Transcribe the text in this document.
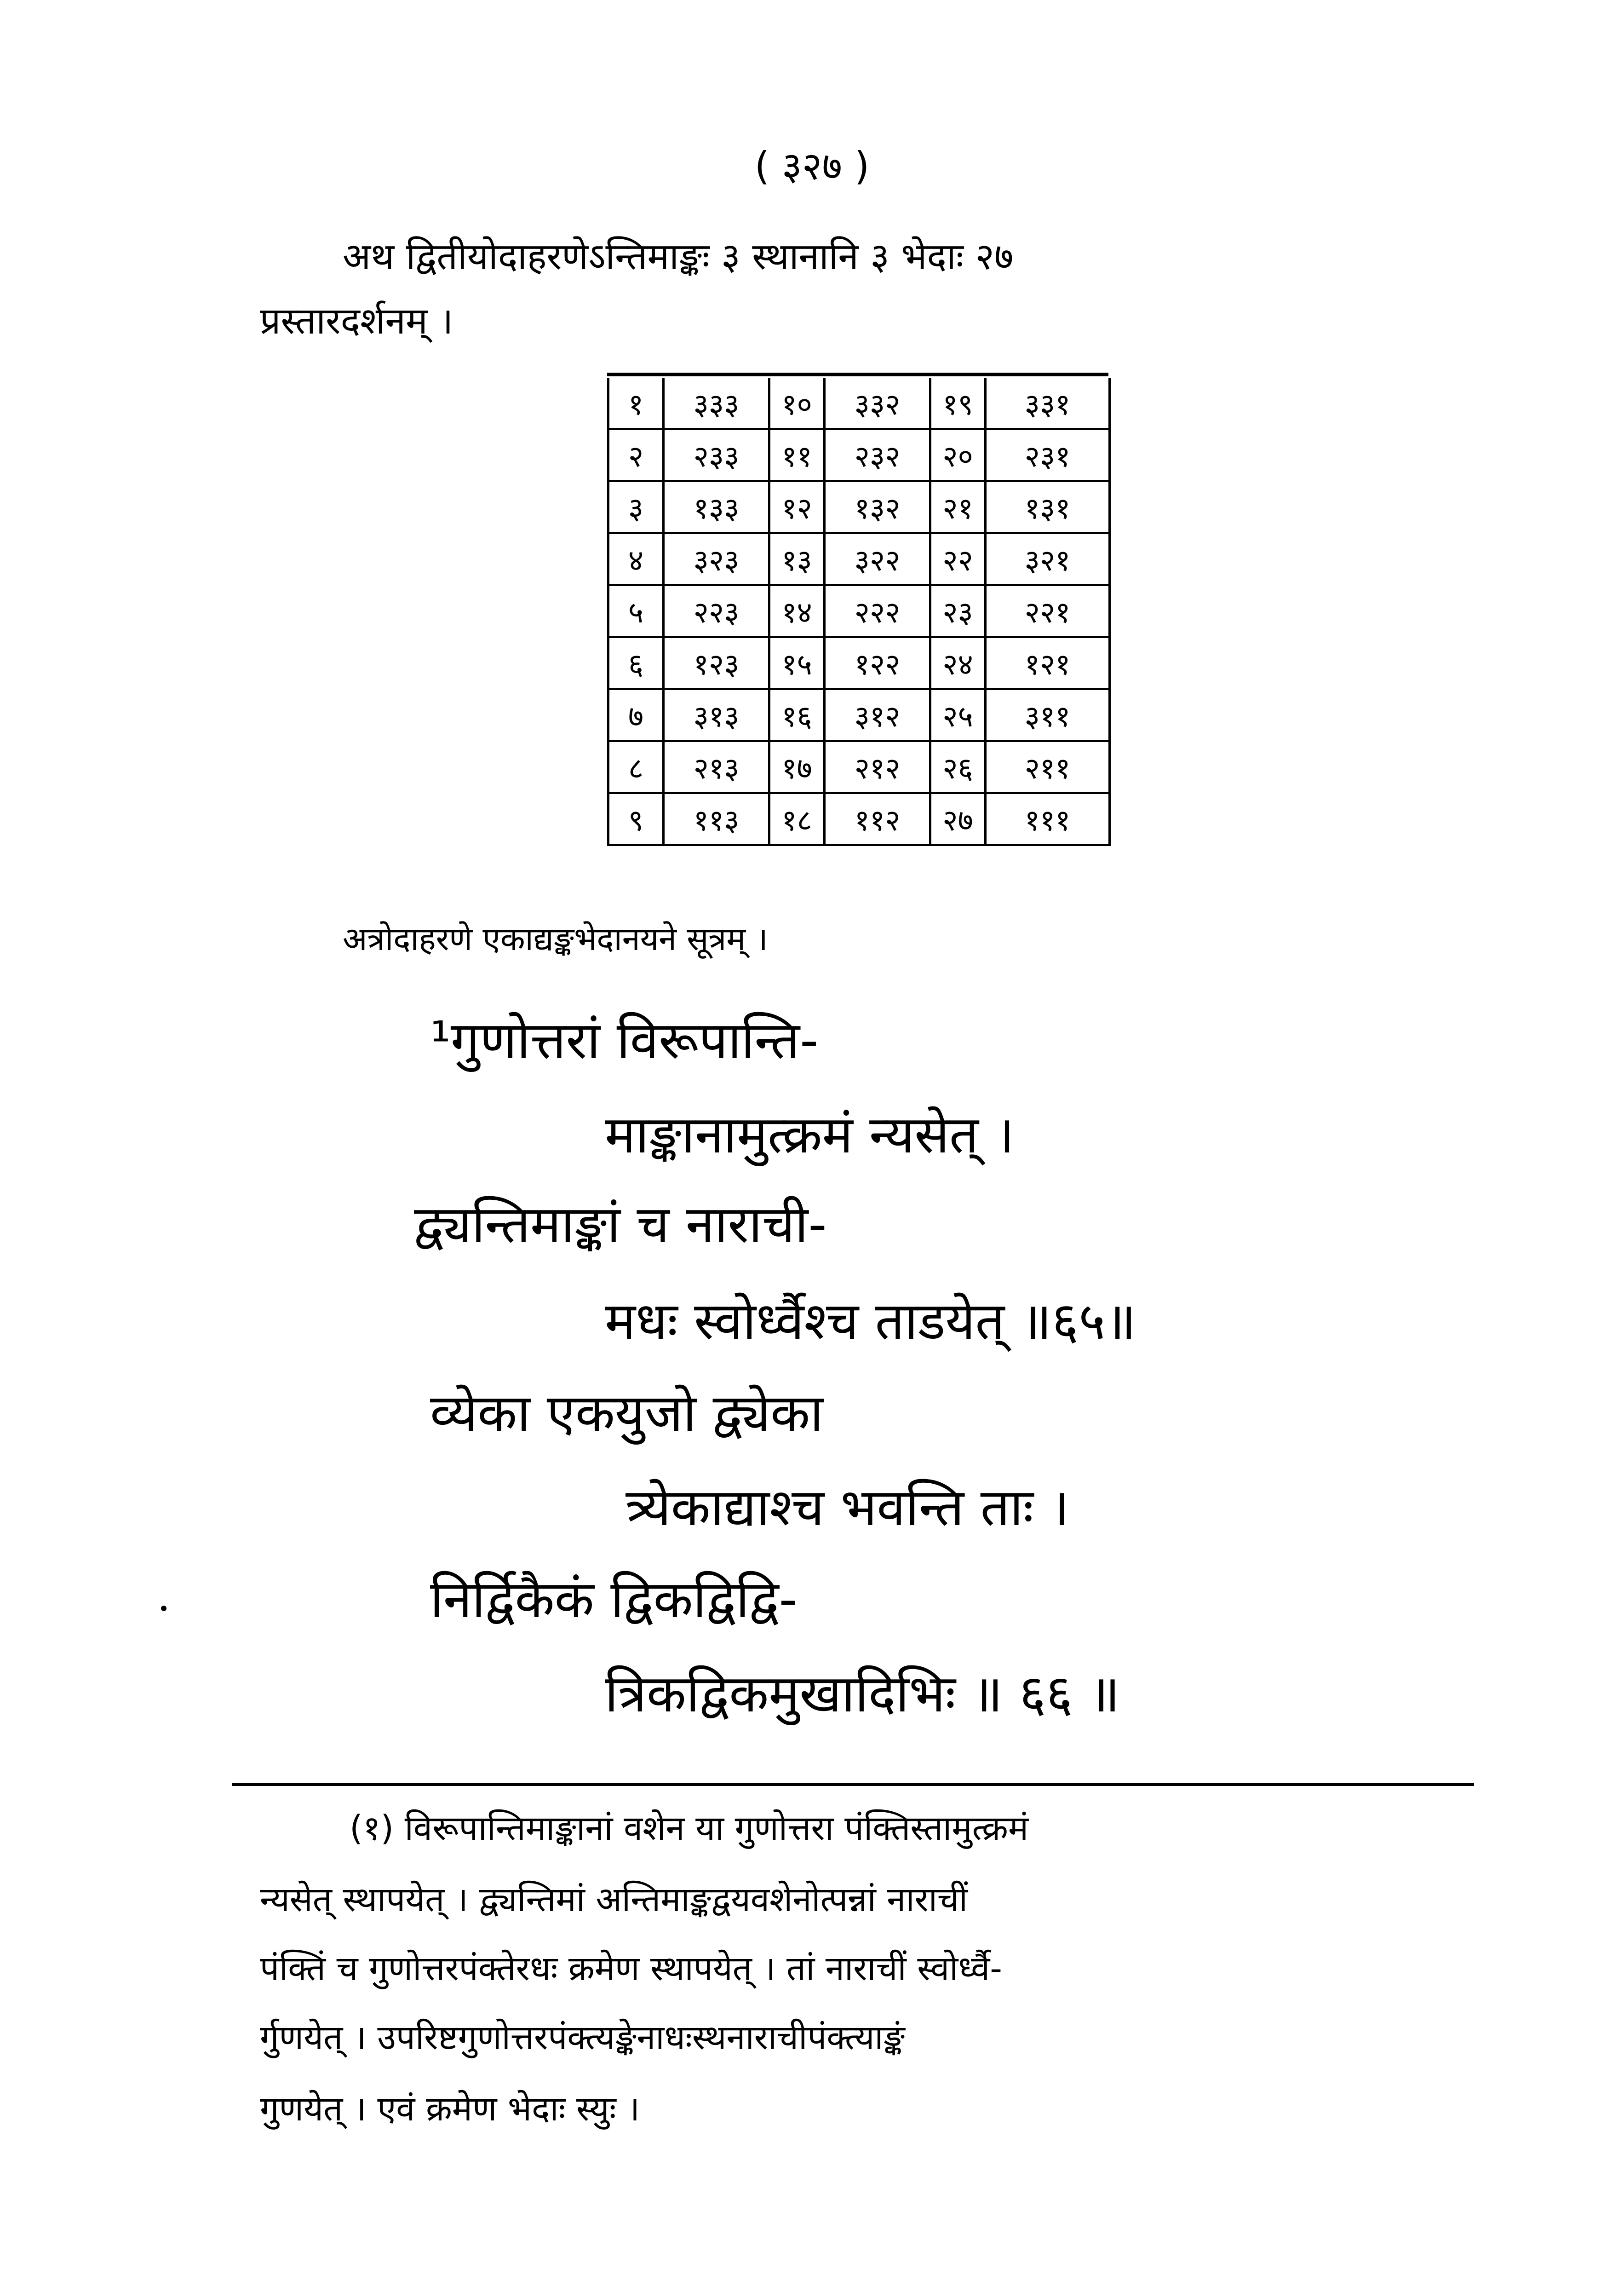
( ३२७ )
अथ द्वितीयोदाहरणेऽन्तिमाङ्कः ३ स्थानानि ३ भेदाः २७
प्रस्तारदर्शनम् ।
१	३३३	१०	३३२	१९	३३१
२	२३३	११	२३२	२०	२३१
३	१३३	१२	१३२	२१	१३१
४	३२३	१३	३२२	२२	३२१
५	२२३	१४	२२२	२३	२२१
६	१२३	१५	१२२	२४	१२१
७	३१३	१६	३१२	२५	३११
८	२१३	१७	२१२	२६	२११
९	११३	१८	११२	२७	१११
अत्रोदाहरणे एकाद्यङ्कभेदानयने सूत्रम् ।
¹गुणोत्तरां विरूपान्ति-
माङ्कानामुत्क्रमं न्यसेत् ।
द्व्यन्तिमाङ्कां च नाराची-
मधः स्वोर्ध्वैश्च ताडयेत् ॥६५॥
व्येका एकयुजो द्व्येका
त्र्येकाद्याश्च भवन्ति ताः ।
निर्द्विकैकं द्विकद्विद्वि-
त्रिकद्विकमुखादिभिः ॥ ६६ ॥
(१) विरूपान्तिमाङ्कानां वशेन या गुणोत्तरा पंक्तिस्तामुत्क्रमं
न्यसेत् स्थापयेत् । द्व्यन्तिमां अन्तिमाङ्कद्वयवशेनोत्पन्नां नाराचीं
पंक्तिं च गुणोत्तरपंक्तेरधः क्रमेण स्थापयेत् । तां नाराचीं स्वोर्ध्वै-
र्गुणयेत् । उपरिष्टगुणोत्तरपंक्त्यङ्केनाधःस्थनाराचीपंक्त्याङ्कं
गुणयेत् । एवं क्रमेण भेदाः स्युः ।
